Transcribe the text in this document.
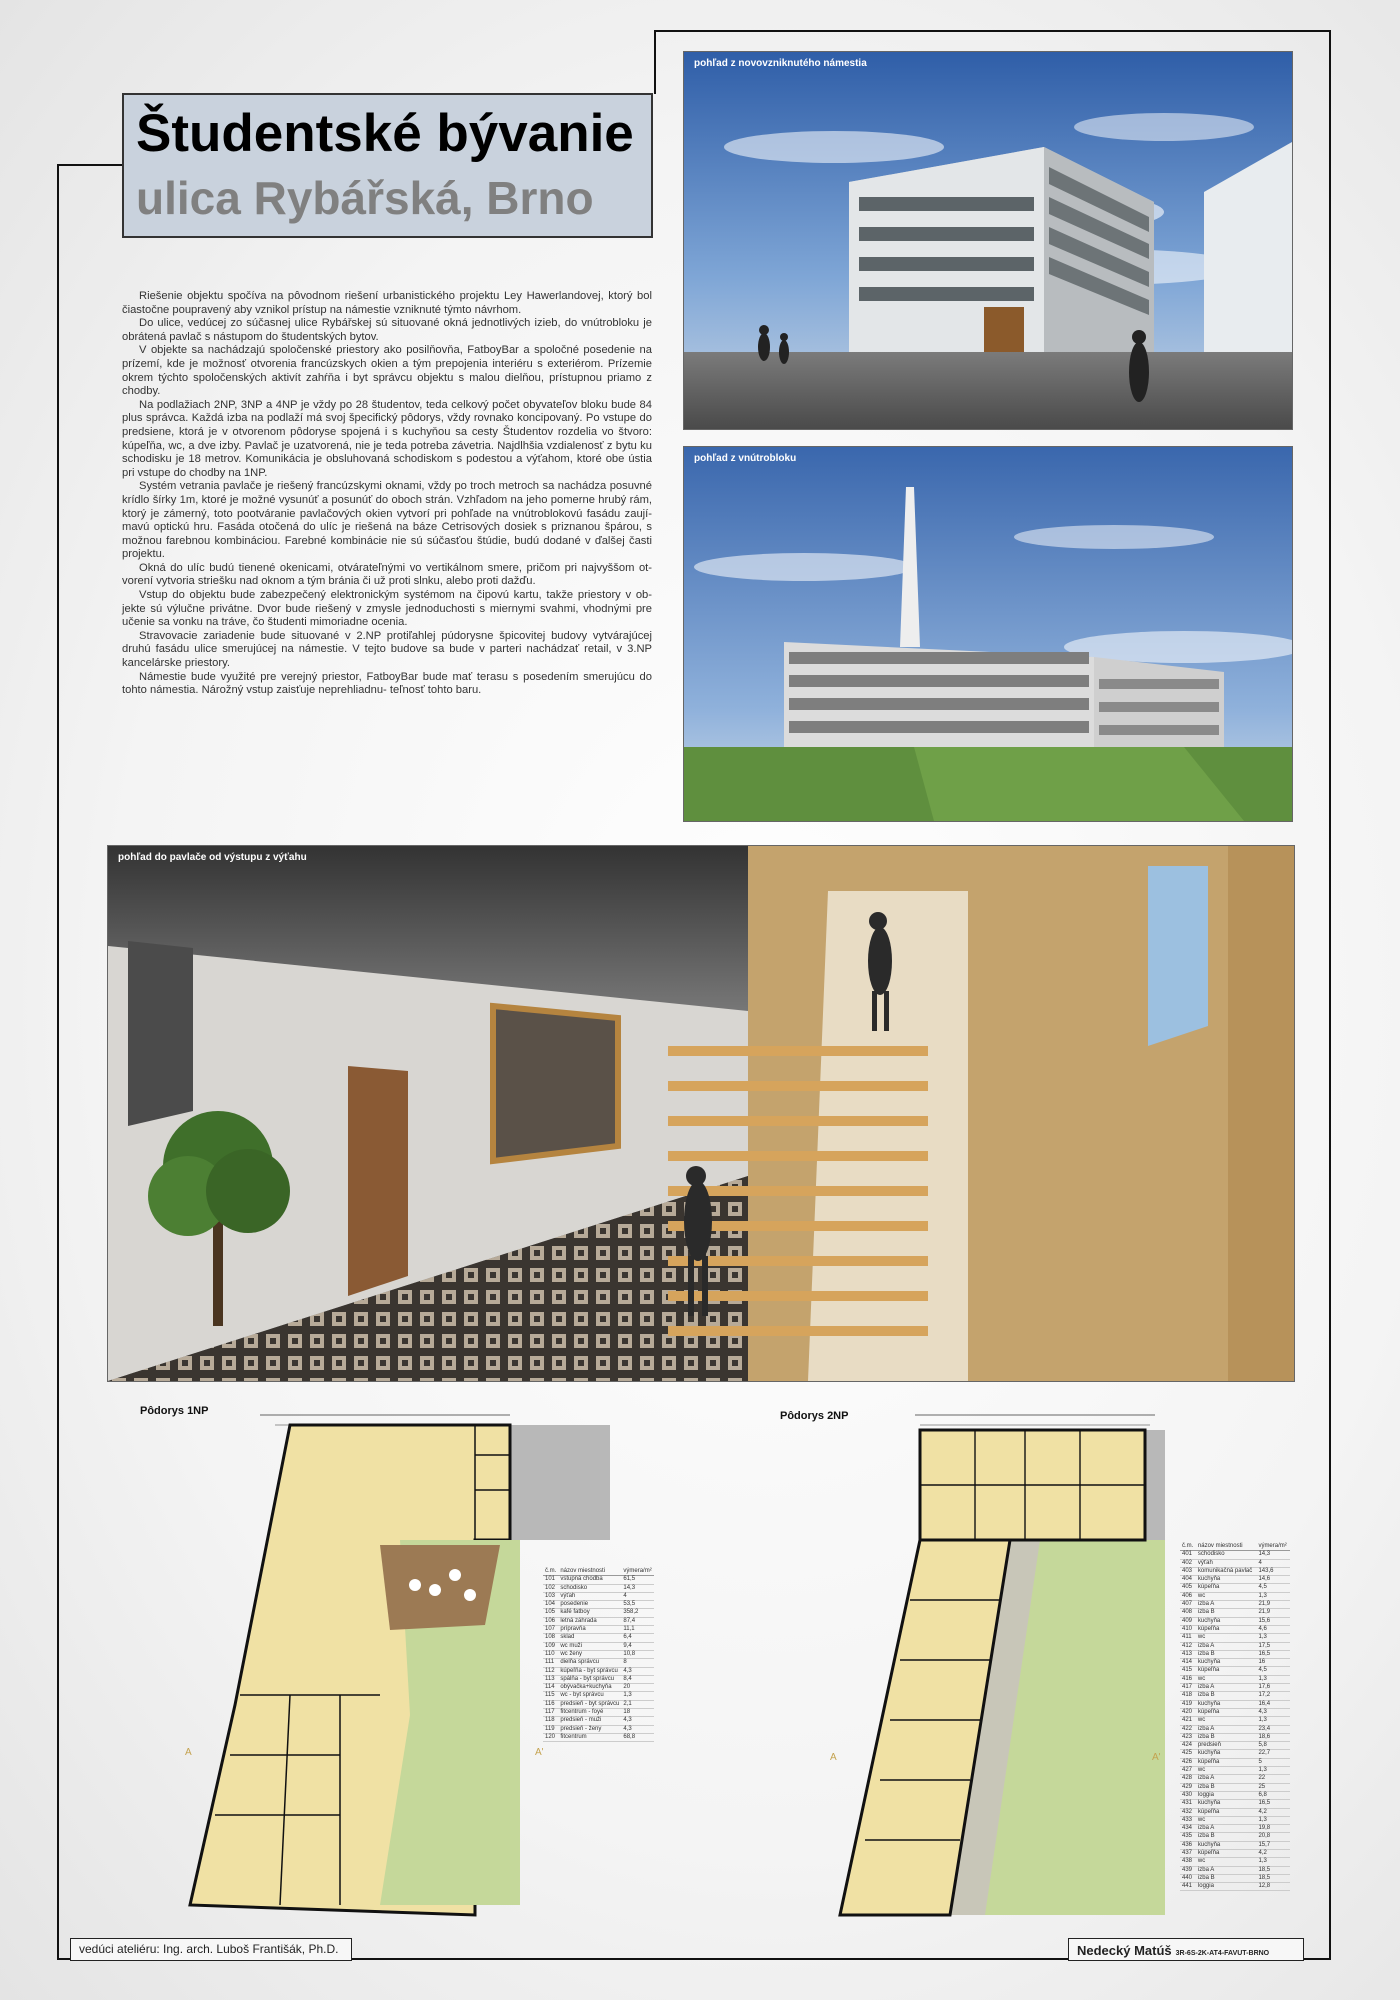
Študentské bývanie
ulica Rybářská, Brno

Riešenie objektu spočíva na pôvodnom riešení urbanistického projektu Ley Hawerlandovej, ktorý bol čiastočne poupravený aby vznikol prístup na námestie vzniknuté týmto návrhom.

Do ulice, vedúcej zo súčasnej ulice Rybářskej sú situované okná jednotlivých izieb, do vnútrobloku je obrátená pavlač s nástupom do študentských bytov.

V objekte sa nachádzajú spoločenské priestory ako posilňovňa, FatboyBar a spoločné posedenie na prízemí, kde je možnosť otvorenia francúzskych okien a tým prepojenia interiéru s exteriérom. Prízemie okrem týchto spoločenských aktivít zahŕňa i byt správcu objektu s malou dielňou, prístupnou priamo z chodby.

Na podlažiach 2NP, 3NP a 4NP je vždy po 28 študentov, teda celkový počet obyvateľov bloku bude 84 plus správca. Každá izba na podlaží má svoj špecifický pôdorys, vždy rovnako koncipovaný. Po vstupe do predsiene, ktorá je v otvorenom pôdoryse spojená i s kuchyňou sa cesty Študentov rozdelia vo štvoro: kúpeľňa, wc, a dve izby. Pavlač je uzatvorená, nie je teda potreba závetria. Najdlhšia vzdialenosť z bytu ku schodisku je 18 metrov. Komunikácia je obsluhovaná schodiskom s podestou a výťahom, ktoré obe ústia pri vstupe do chodby na 1NP.

Systém vetrania pavlače je riešený francúzskymi oknami, vždy po troch metroch sa nachádza posuvné krídlo šírky 1m, ktoré je možné vysunúť a posunúť do oboch strán. Vzhľadom na jeho pomerne hrubý rám, ktorý je zámerný, toto pootváranie pavlačových okien vytvorí pri pohľade na vnútroblokovú fasádu zaují- mavú optickú hru. Fasáda otočená do ulíc je riešená na báze Cetrisových dosiek s priznanou špárou, s možnou farebnou kombináciou. Farebné kombinácie nie sú súčasťou štúdie, budú dodané v ďalšej časti projektu.

Okná do ulíc budú tienené okenicami, otvárateľnými vo vertikálnom smere, pričom pri najvyššom ot- vorení vytvoria striešku nad oknom a tým bránia či už proti slnku, alebo proti dažďu.

Vstup do objektu bude zabezpečený elektronickým systémom na čipovú kartu, takže priestory v ob- jekte sú výlučne privátne. Dvor bude riešený v zmysle jednoduchosti s miernymi svahmi, vhodnými pre učenie sa vonku na tráve, čo študenti mimoriadne ocenia.

Stravovacie zariadenie bude situované v 2.NP protiľahlej púdorysne špicovitej budovy vytvárajúcej druhú fasádu ulice smerujúcej na námestie. V tejto budove sa bude v parteri nachádzať retail, v 3.NP kancelárske priestory.

Námestie bude využité pre verejný priestor, FatboyBar bude mať terasu s posedením smerujúcu do tohto námestia. Nárožný vstup zaisťuje neprehliadnu- teľnosť tohto baru.

pohľad z novovzniknutého námestia
pohľad z vnútrobloku
pohľad do pavlače od výstupu z výťahu
Pôdorys 1NP
A	A'
č.m.	názov miestnosti	výmera/m²
101	vstupná chodba	61,5
102	schodisko	14,3
103	výťah	4
104	posedenie	53,5
105	kafé fatboy	358,2
106	letná záhrada	87,4
107	prípravňa	11,1
108	sklad	6,4
109	wc muži	9,4
110	wc ženy	10,8
111	dielňa správcu	8
112	kúpeľňa - byt správcu	4,3
113	spálňa - byt správcu	8,4
114	obývačka+kuchyňa	20
115	wc - byt správcu	1,3
116	predsieň - byt správcu	2,1
117	fitcentrum - foyé	18
118	predsieň - muži	4,3
119	predsieň - ženy	4,3
120	fitcentrum	68,8
Pôdorys 2NP
A	A'
č.m.	názov miestnosti	výmera/m²
401	schodisko	14,3
402	výťah	4
403	komunikačná pavlač	143,6
404	kuchyňa	14,6
405	kúpeľňa	4,5
406	wc	1,3
407	izba A	21,9
408	izba B	21,9
409	kuchyňa	15,6
410	kúpeľňa	4,6
411	wc	1,3
412	izba A	17,5
413	izba B	16,5
414	kuchyňa	16
415	kúpeľňa	4,5
416	wc	1,3
417	izba A	17,6
418	izba B	17,2
419	kuchyňa	16,4
420	kúpeľňa	4,3
421	wc	1,3
422	izba A	23,4
423	izba B	18,6
424	predsieň	5,8
425	kuchyňa	22,7
426	kúpeľňa	5
427	wc	1,3
428	izba A	22
429	izba B	25
430	loggia	6,8
431	kuchyňa	16,5
432	kúpeľňa	4,2
433	wc	1,3
434	izba A	19,8
435	izba B	20,8
436	kuchyňa	15,7
437	kúpeľňa	4,2
438	wc	1,3
439	izba A	18,5
440	izba B	18,5
441	loggia	12,8
vedúci ateliéru: Ing. arch. Luboš Františák, Ph.D.	Nedecký Matúš 3R-6S-2K-AT4-FAVUT-BRNO
